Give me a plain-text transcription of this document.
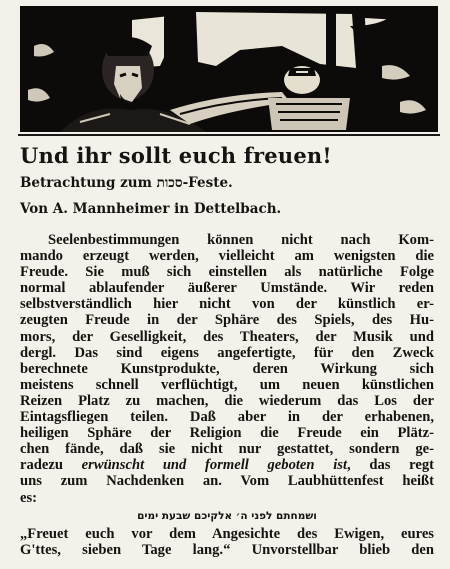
Und ihr sollt euch freuen!
Betrachtung zum סכות-Feste.
Von A. Mannheimer in Dettelbach.
Seelenbestimmungen können nicht nach Kom-
mando erzeugt werden, vielleicht am wenigsten die
Freude. Sie muß sich einstellen als natürliche Folge
normal ablaufender äußerer Umstände. Wir reden
selbstverständlich hier nicht von der künstlich er-
zeugten Freude in der Sphäre des Spiels, des Hu-
mors, der Geselligkeit, des Theaters, der Musik und
dergl. Das sind eigens angefertigte, für den Zweck
berechnete Kunstprodukte, deren Wirkung sich
meistens schnell verflüchtigt, um neuen künstlichen
Reizen Platz zu machen, die wiederum das Los der
Eintagsfliegen teilen. Daß aber in der erhabenen,
heiligen Sphäre der Religion die Freude ein Plätz-
chen fände, daß sie nicht nur gestattet, sondern ge-
radezu erwünscht und formell geboten ist, das regt
uns zum Nachdenken an. Vom Laubhüttenfest heißt
es:
ושמחתם לפני ה׳ אלקיכם שבעת ימים
„Freuet euch vor dem Angesichte des Ewigen, eures
G'ttes, sieben Tage lang.“ Unvorstellbar blieb den
